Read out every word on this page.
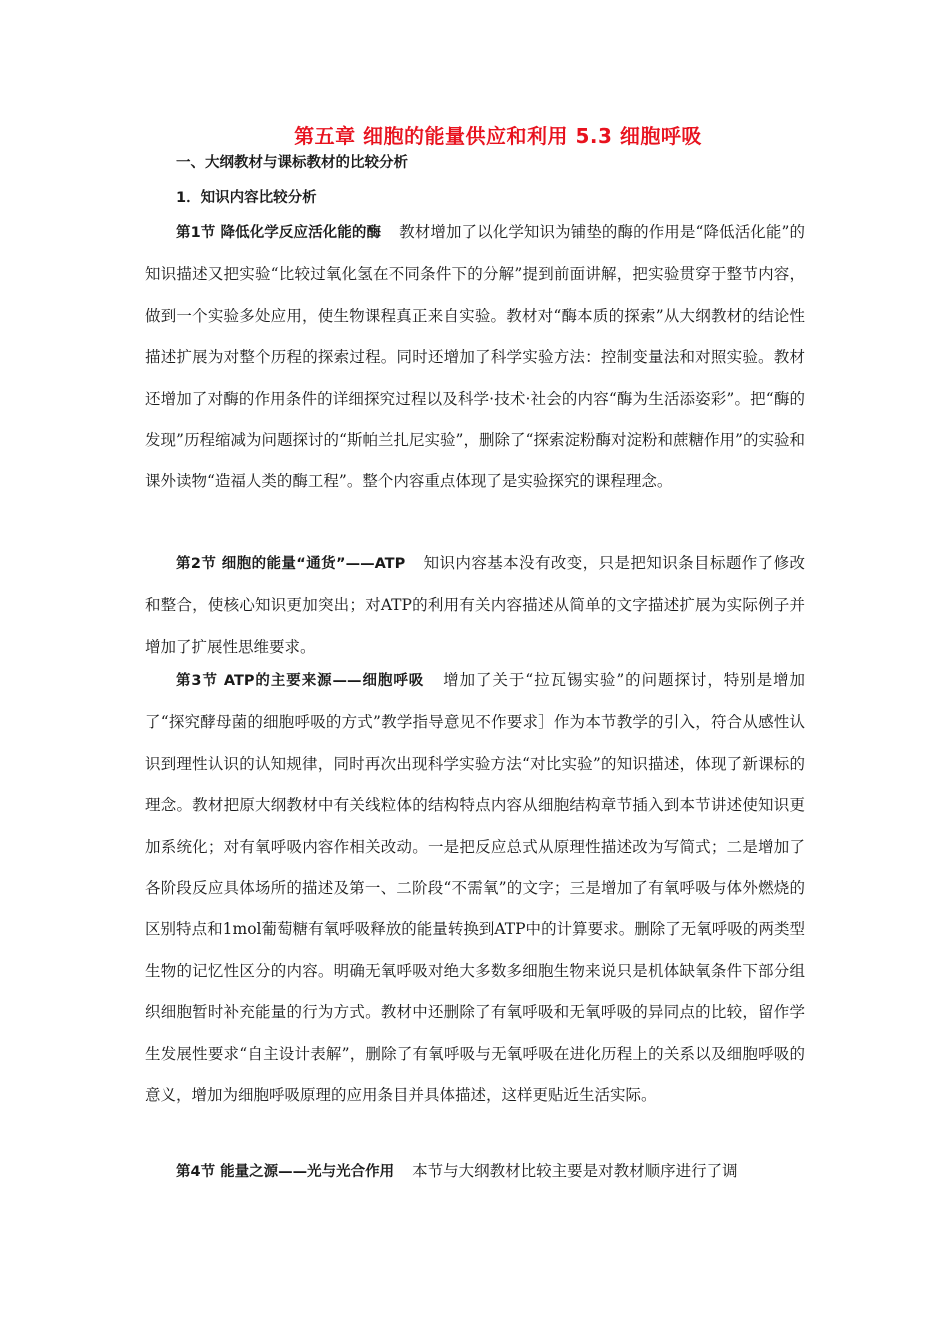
第五章 细胞的能量供应和利用 5.3 细胞呼吸
一、大纲教材与课标教材的比较分析
1．知识内容比较分析

第1节 降低化学反应活化能的酶 教材增加了以化学知识为铺垫的酶的作用是“降低活化能”的知识描述又把实验“比较过氧化氢在不同条件下的分解”提到前面讲解，把实验贯穿于整节内容，做到一个实验多处应用，使生物课程真正来自实验。教材对“酶本质的探索”从大纲教材的结论性描述扩展为对整个历程的探索过程。同时还增加了科学实验方法：控制变量法和对照实验。教材还增加了对酶的作用条件的详细探究过程以及科学·技术·社会的内容“酶为生活添姿彩”。把“酶的发现”历程缩减为问题探讨的“斯帕兰扎尼实验”，删除了“探索淀粉酶对淀粉和蔗糖作用”的实验和课外读物“造福人类的酶工程”。整个内容重点体现了是实验探究的课程理念。

第2节 细胞的能量“通货”——ATP 知识内容基本没有改变，只是把知识条目标题作了修改和整合，使核心知识更加突出；对ATP的利用有关内容描述从简单的文字描述扩展为实际例子并增加了扩展性思维要求。

第3节 ATP的主要来源——细胞呼吸 增加了关于“拉瓦锡实验”的问题探讨，特别是增加了“探究酵母菌的细胞呼吸的方式”教学指导意见不作要求］作为本节教学的引入，符合从感性认识到理性认识的认知规律，同时再次出现科学实验方法“对比实验”的知识描述，体现了新课标的理念。教材把原大纲教材中有关线粒体的结构特点内容从细胞结构章节插入到本节讲述使知识更加系统化；对有氧呼吸内容作相关改动。一是把反应总式从原理性描述改为写简式；二是增加了各阶段反应具体场所的描述及第一、二阶段“不需氧”的文字；三是增加了有氧呼吸与体外燃烧的区别特点和1mol葡萄糖有氧呼吸释放的能量转换到ATP中的计算要求。删除了无氧呼吸的两类型生物的记忆性区分的内容。明确无氧呼吸对绝大多数多细胞生物来说只是机体缺氧条件下部分组织细胞暂时补充能量的行为方式。教材中还删除了有氧呼吸和无氧呼吸的异同点的比较，留作学生发展性要求“自主设计表解”，删除了有氧呼吸与无氧呼吸在进化历程上的关系以及细胞呼吸的意义，增加为细胞呼吸原理的应用条目并具体描述，这样更贴近生活实际。

第4节 能量之源——光与光合作用 本节与大纲教材比较主要是对教材顺序进行了调
